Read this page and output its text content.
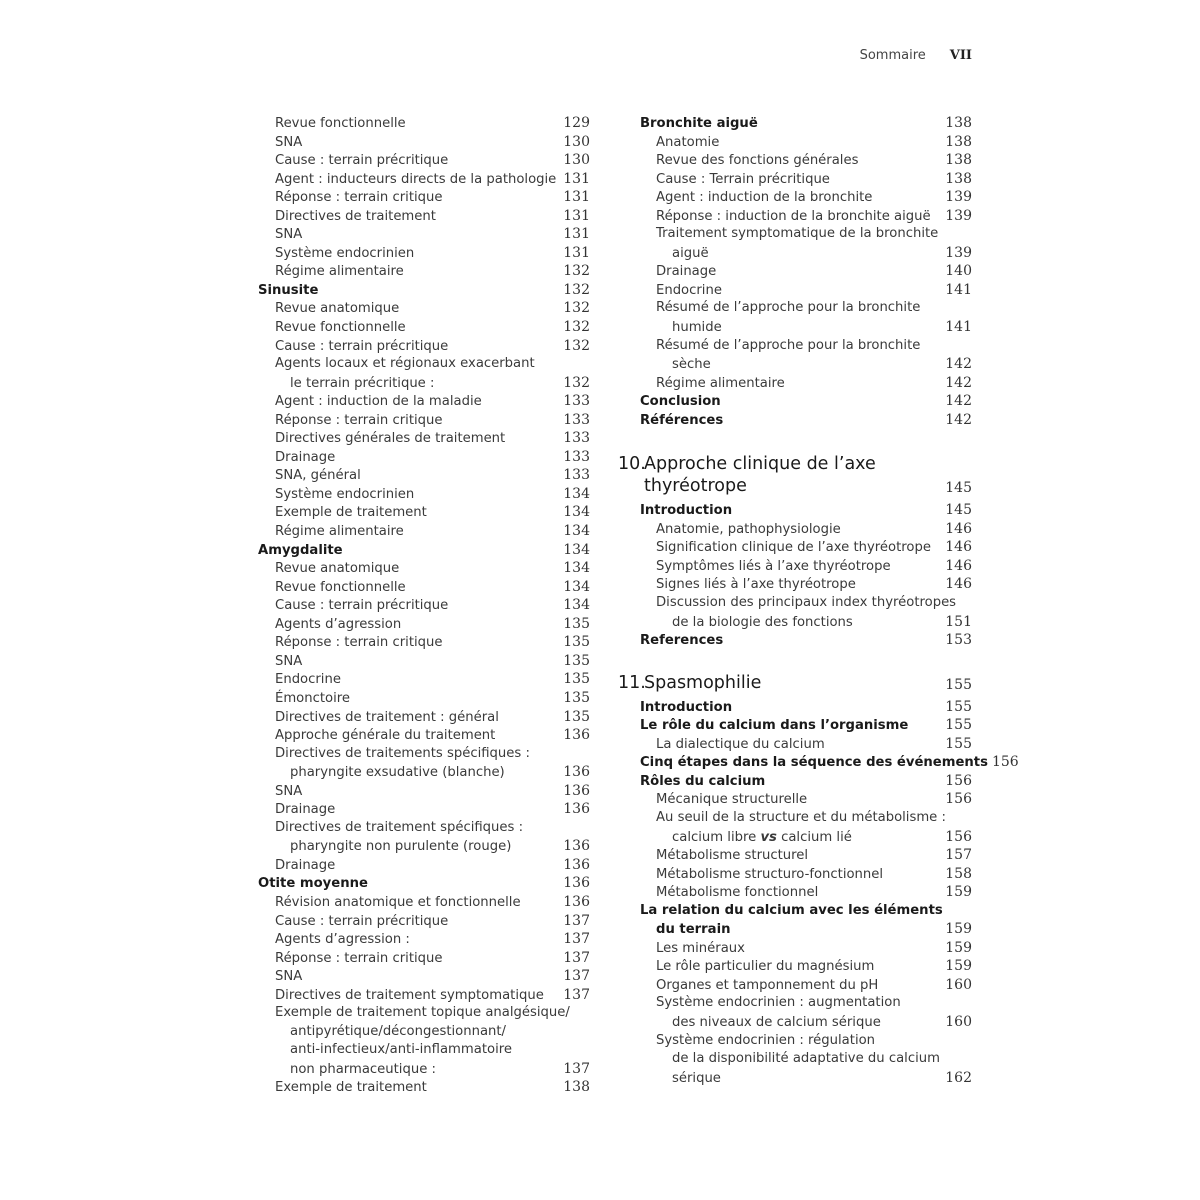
Sommaire VII
Revue fonctionnelle	129
SNA	130
Cause : terrain précritique	130
Agent : inducteurs directs de la pathologie 131
Réponse : terrain critique	131
Directives de traitement	131
SNA	131
Système endocrinien	131
Régime alimentaire	132
Sinusite	132
Revue anatomique	132
Revue fonctionnelle	132
Cause : terrain précritique	132
Agents locaux et régionaux exacerbant
le terrain précritique :	132
Agent : induction de la maladie	133
Réponse : terrain critique	133
Directives générales de traitement	133
Drainage	133
SNA, général	133
Système endocrinien	134
Exemple de traitement	134
Régime alimentaire	134
Amygdalite	134
Revue anatomique	134
Revue fonctionnelle	134
Cause : terrain précritique	134
Agents d’agression	135
Réponse : terrain critique	135
SNA	135
Endocrine	135
Émonctoire	135
Directives de traitement : général	135
Approche générale du traitement	136
Directives de traitements spécifiques :
pharyngite exsudative (blanche)	136
SNA	136
Drainage	136
Directives de traitement spécifiques :
pharyngite non purulente (rouge)	136
Drainage	136
Otite moyenne	136
Révision anatomique et fonctionnelle	136
Cause : terrain précritique	137
Agents d’agression :	137
Réponse : terrain critique	137
SNA	137
Directives de traitement symptomatique 137
Exemple de traitement topique analgésique/
antipyrétique/décongestionnant/
anti-infectieux/anti-inflammatoire
non pharmaceutique :	137
Exemple de traitement	138
Bronchite aiguë	138
Anatomie	138
Revue des fonctions générales	138
Cause : Terrain précritique	138
Agent : induction de la bronchite	139
Réponse : induction de la bronchite aiguë 139
Traitement symptomatique de la bronchite
aiguë	139
Drainage	140
Endocrine	141
Résumé de l’approche pour la bronchite
humide	141
Résumé de l’approche pour la bronchite
sèche	142
Régime alimentaire	142
Conclusion	142
Références	142
10.
Approche clinique de l’axe
thyréotrope	145
Introduction	145
Anatomie, pathophysiologie	146
Signification clinique de l’axe thyréotrope 146
Symptômes liés à l’axe thyréotrope	146
Signes liés à l’axe thyréotrope	146
Discussion des principaux index thyréotropes
de la biologie des fonctions	151
References	153
11.
Spasmophilie	155
Introduction	155
Le rôle du calcium dans l’organisme	155
La dialectique du calcium	155
Cinq étapes dans la séquence des événements 156
Rôles du calcium	156
Mécanique structurelle	156
Au seuil de la structure et du métabolisme :
calcium libre vs calcium lié	156
Métabolisme structurel	157
Métabolisme structuro-fonctionnel	158
Métabolisme fonctionnel	159
La relation du calcium avec les éléments
du terrain	159
Les minéraux	159
Le rôle particulier du magnésium	159
Organes et tamponnement du pH	160
Système endocrinien : augmentation
des niveaux de calcium sérique	160
Système endocrinien : régulation
de la disponibilité adaptative du calcium
sérique	162
